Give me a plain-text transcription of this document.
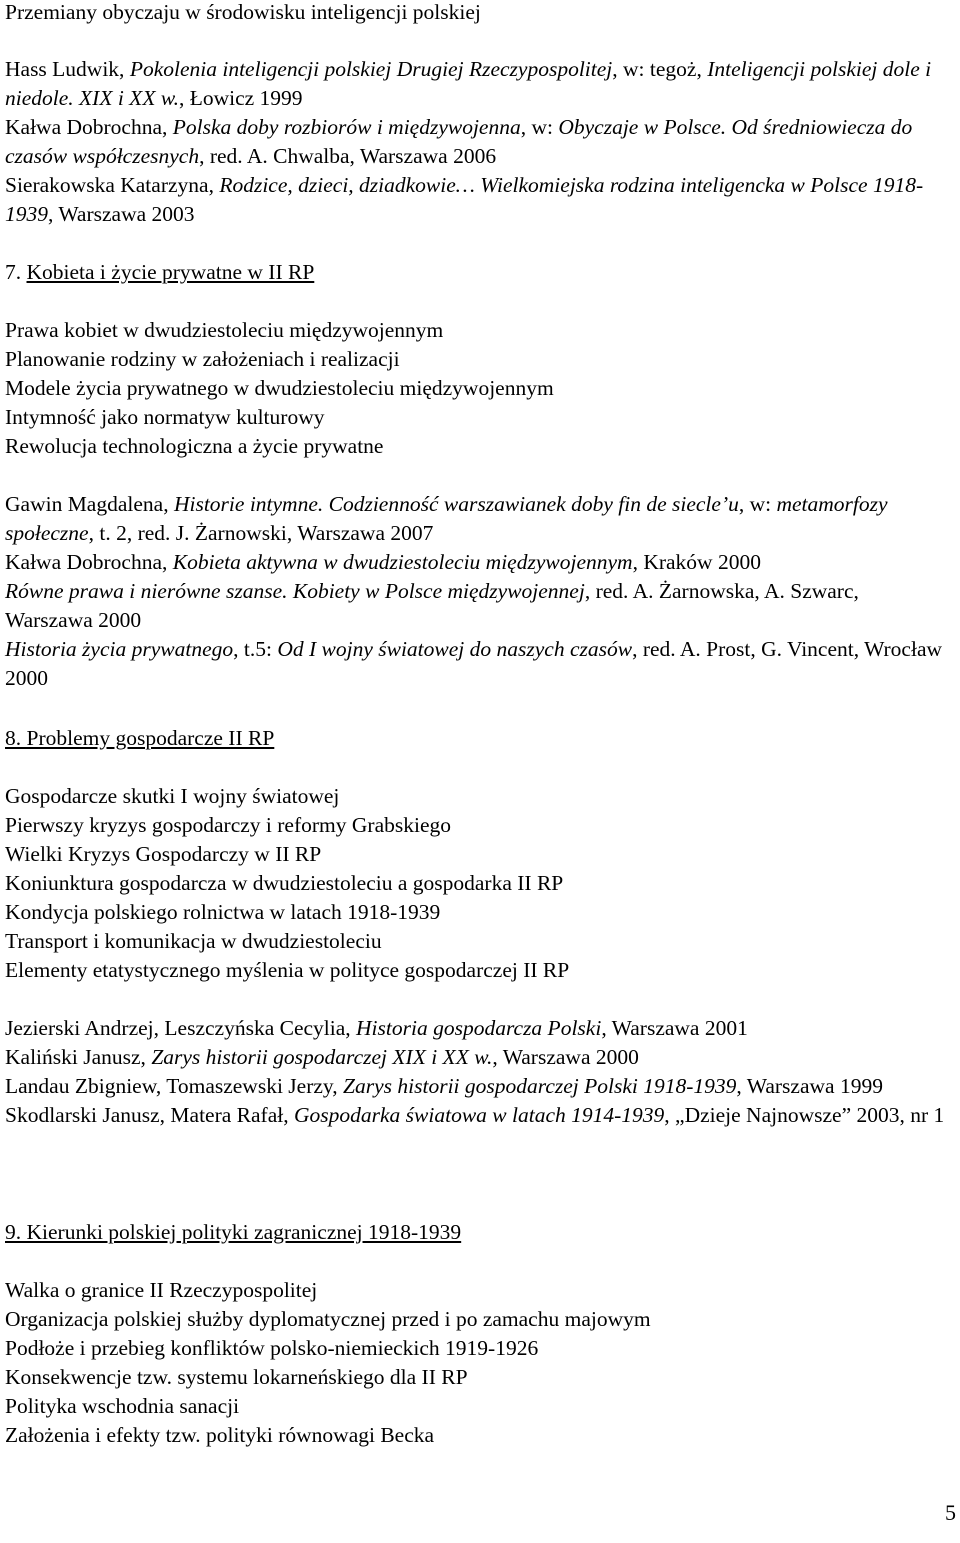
Przemiany obyczaju w środowisku inteligencji polskiej

Hass Ludwik, Pokolenia inteligencji polskiej Drugiej Rzeczypospolitej, w: tegoż, Inteligencji polskiej dole i niedole. XIX i XX w., Łowicz 1999

Kałwa Dobrochna, Polska doby rozbiorów i międzywojenna, w: Obyczaje w Polsce. Od średniowiecza do czasów współczesnych, red. A. Chwalba, Warszawa 2006

Sierakowska Katarzyna, Rodzice, dzieci, dziadkowie… Wielkomiejska rodzina inteligencka w Polsce 1918-1939, Warszawa 2003

7. Kobieta i życie prywatne w II RP

Prawa kobiet w dwudziestoleciu międzywojennym

Planowanie rodziny w założeniach i realizacji

Modele życia prywatnego w dwudziestoleciu międzywojennym

Intymność jako normatyw kulturowy

Rewolucja technologiczna a życie prywatne

Gawin Magdalena, Historie intymne. Codzienność warszawianek doby fin de siecle’u, w: metamorfozy społeczne, t. 2, red. J. Żarnowski, Warszawa 2007

Kałwa Dobrochna, Kobieta aktywna w dwudziestoleciu międzywojennym, Kraków 2000

Równe prawa i nierówne szanse. Kobiety w Polsce międzywojennej, red. A. Żarnowska, A. Szwarc, Warszawa 2000

Historia życia prywatnego, t.5: Od I wojny światowej do naszych czasów, red. A. Prost, G. Vincent, Wrocław 2000

8. Problemy gospodarcze II RP

Gospodarcze skutki I wojny światowej

Pierwszy kryzys gospodarczy i reformy Grabskiego

Wielki Kryzys Gospodarczy w II RP

Koniunktura gospodarcza w dwudziestoleciu a gospodarka II RP

Kondycja polskiego rolnictwa w latach 1918-1939

Transport i komunikacja w dwudziestoleciu

Elementy etatystycznego myślenia w polityce gospodarczej II RP

Jezierski Andrzej, Leszczyńska Cecylia, Historia gospodarcza Polski, Warszawa 2001

Kaliński Janusz, Zarys historii gospodarczej XIX i XX w., Warszawa 2000

Landau Zbigniew, Tomaszewski Jerzy, Zarys historii gospodarczej Polski 1918-1939, Warszawa 1999

Skodlarski Janusz, Matera Rafał, Gospodarka światowa w latach 1914-1939, „Dzieje Najnowsze” 2003, nr 1

9. Kierunki polskiej polityki zagranicznej 1918-1939

Walka o granice II Rzeczypospolitej

Organizacja polskiej służby dyplomatycznej przed i po zamachu majowym

Podłoże i przebieg konfliktów polsko-niemieckich 1919-1926

Konsekwencje tzw. systemu lokarneńskiego dla II RP

Polityka wschodnia sanacji

Założenia i efekty tzw. polityki równowagi Becka

5
